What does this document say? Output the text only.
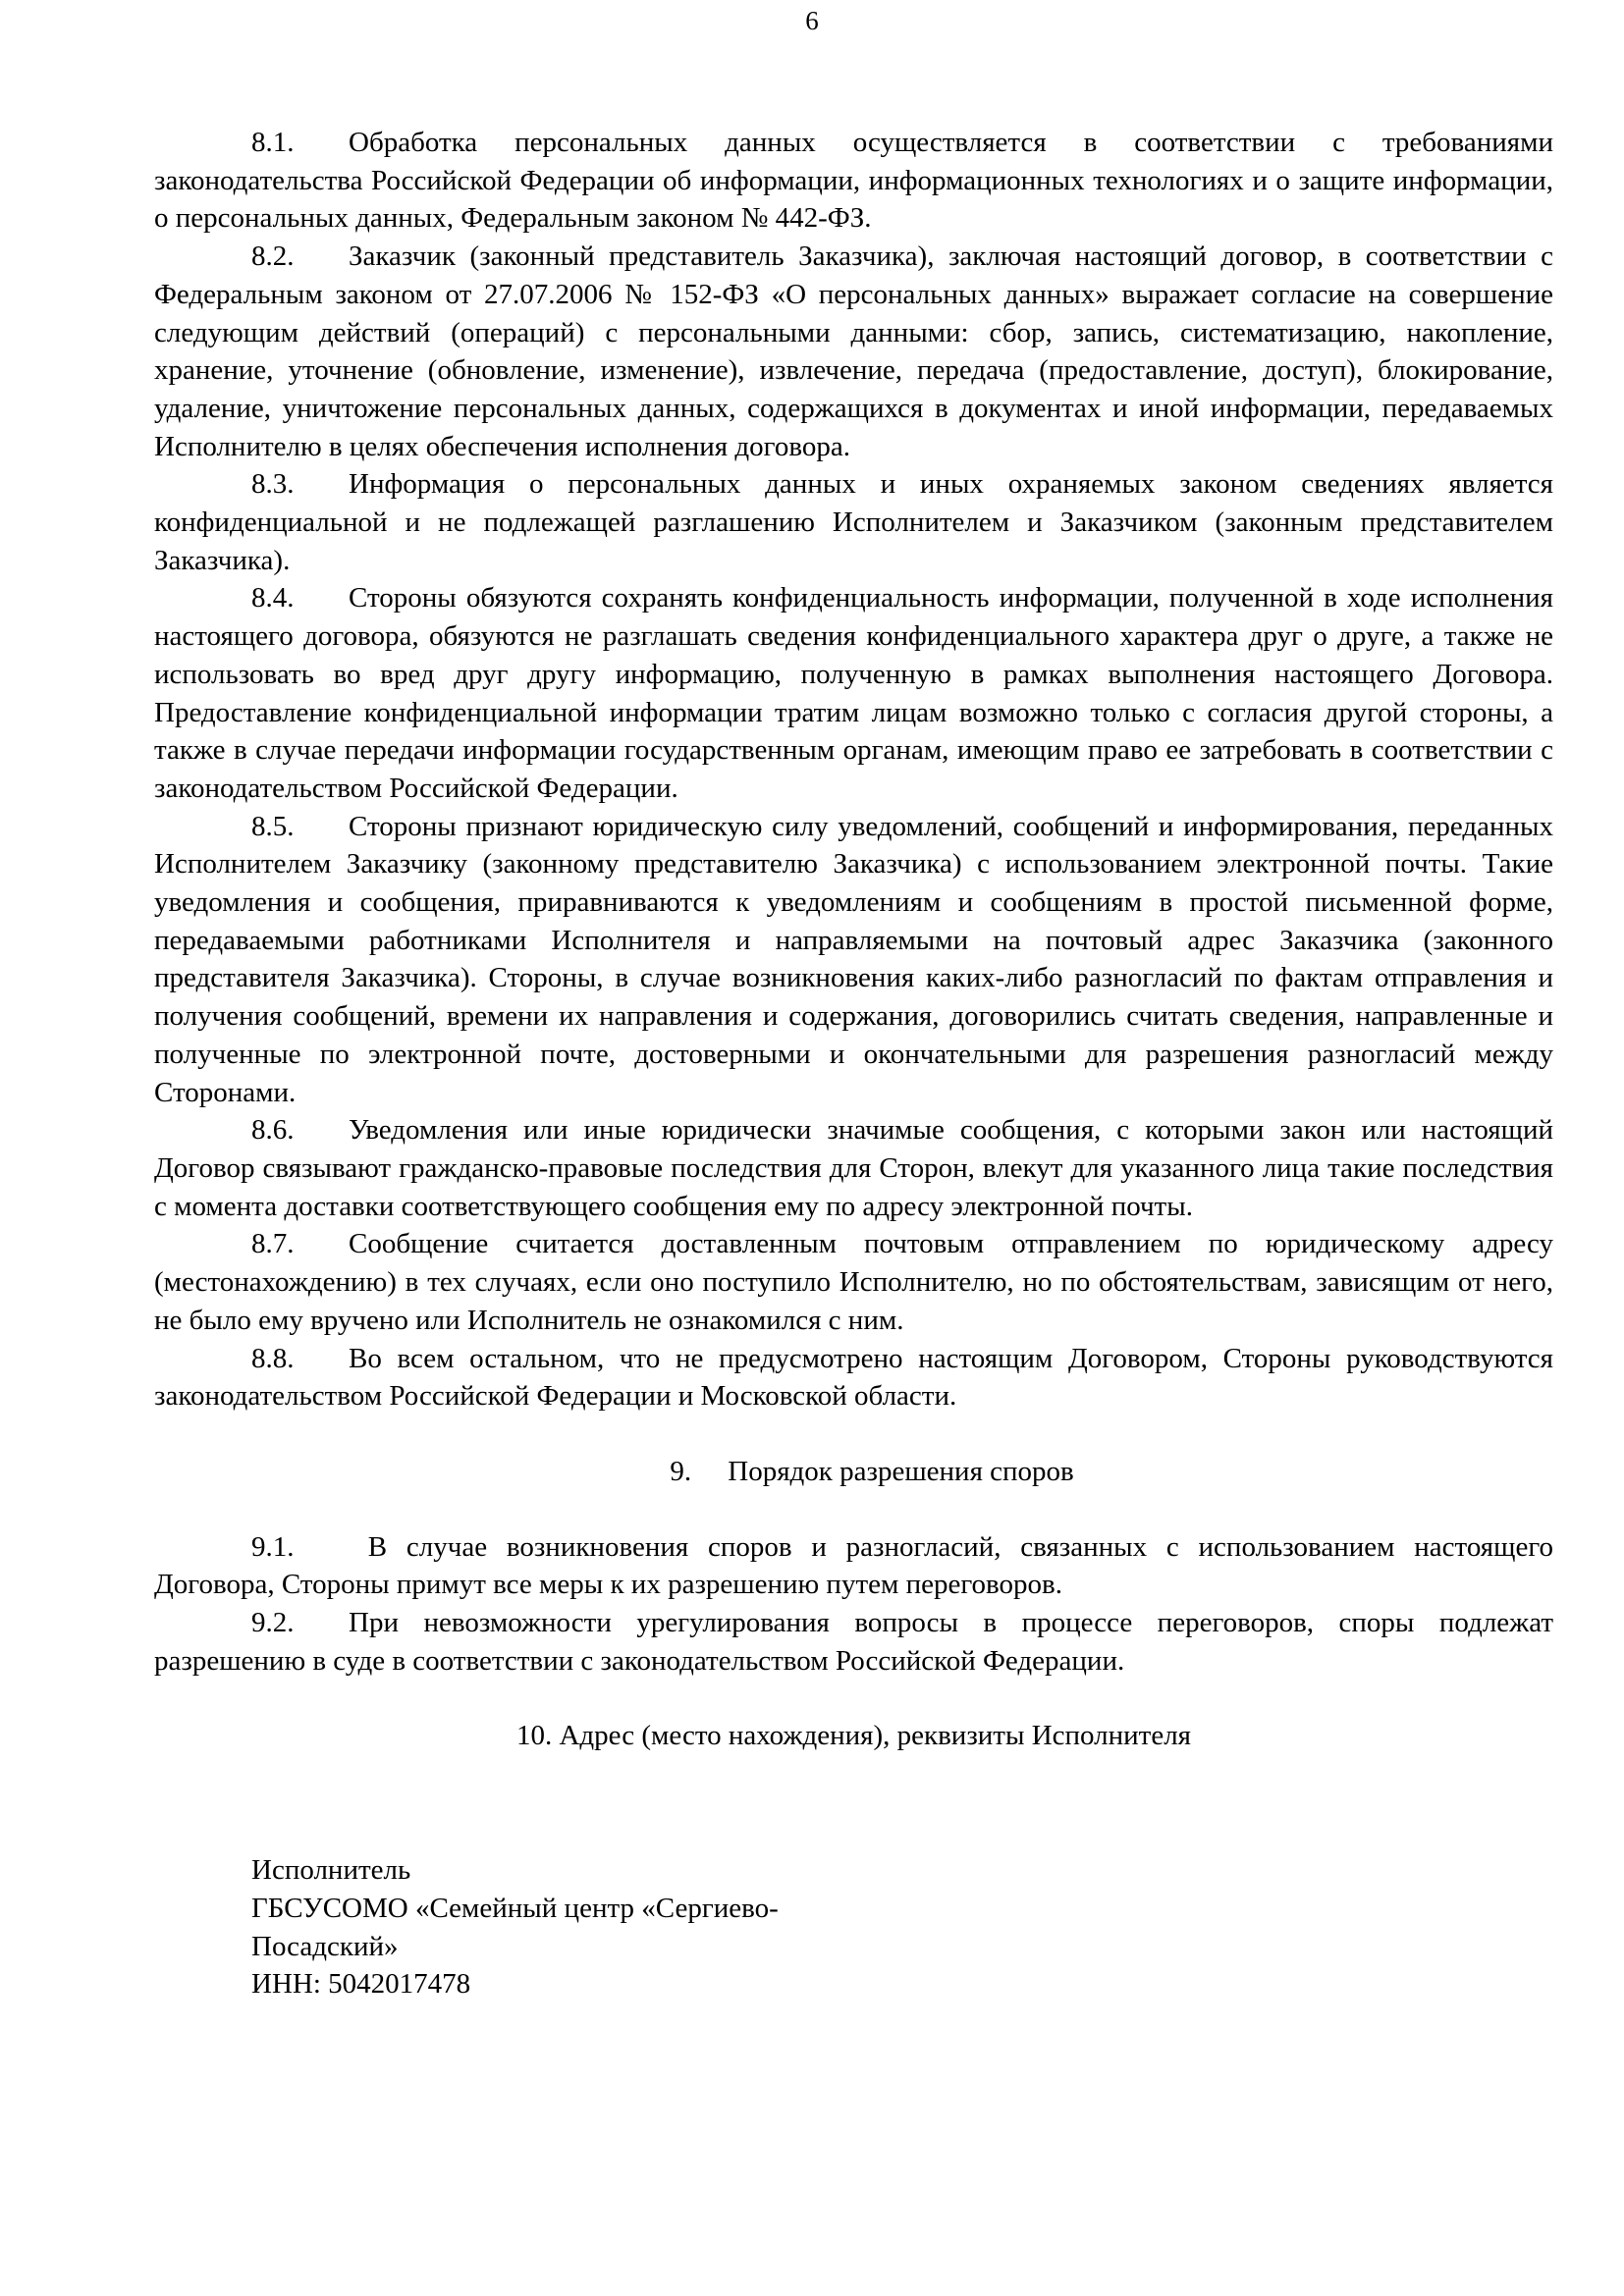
6

8.1. Обработка персональных данных осуществляется в соответствии с требованиями законодательства Российской Федерации об информации, информационных технологиях и о защите информации, о персональных данных, Федеральным законом № 442-ФЗ.

8.2. Заказчик (законный представитель Заказчика), заключая настоящий договор, в соответствии с Федеральным законом от 27.07.2006 № 152-ФЗ «О персональных данных» выражает согласие на совершение следующим действий (операций) с персональными данными: сбор, запись, систематизацию, накопление, хранение, уточнение (обновление, изменение), извлечение, передача (предоставление, доступ), блокирование, удаление, уничтожение персональных данных, содержащихся в документах и иной информации, передаваемых Исполнителю в целях обеспечения исполнения договора.

8.3. Информация о персональных данных и иных охраняемых законом сведениях является конфиденциальной и не подлежащей разглашению Исполнителем и Заказчиком (законным представителем Заказчика).

8.4. Стороны обязуются сохранять конфиденциальность информации, полученной в ходе исполнения настоящего договора, обязуются не разглашать сведения конфиденциального характера друг о друге, а также не использовать во вред друг другу информацию, полученную в рамках выполнения настоящего Договора. Предоставление конфиденциальной информации тратим лицам возможно только с согласия другой стороны, а также в случае передачи информации государственным органам, имеющим право ее затребовать в соответствии с законодательством Российской Федерации.

8.5. Стороны признают юридическую силу уведомлений, сообщений и информирования, переданных Исполнителем Заказчику (законному представителю Заказчика) с использованием электронной почты. Такие уведомления и сообщения, приравниваются к уведомлениям и сообщениям в простой письменной форме, передаваемыми работниками Исполнителя и направляемыми на почтовый адрес Заказчика (законного представителя Заказчика). Стороны, в случае возникновения каких-либо разногласий по фактам отправления и получения сообщений, времени их направления и содержания, договорились считать сведения, направленные и полученные по электронной почте, достоверными и окончательными для разрешения разногласий между Сторонами.

8.6. Уведомления или иные юридически значимые сообщения, с которыми закон или настоящий Договор связывают гражданско-правовые последствия для Сторон, влекут для указанного лица такие последствия с момента доставки соответствующего сообщения ему по адресу электронной почты.

8.7. Сообщение считается доставленным почтовым отправлением по юридическому адресу (местонахождению) в тех случаях, если оно поступило Исполнителю, но по обстоятельствам, зависящим от него, не было ему вручено или Исполнитель не ознакомился с ним.

8.8. Во всем остальном, что не предусмотрено настоящим Договором, Стороны руководствуются законодательством Российской Федерации и Московской области.

9. Порядок разрешения споров

9.1. В случае возникновения споров и разногласий, связанных с использованием настоящего Договора, Стороны примут все меры к их разрешению путем переговоров.

9.2. При невозможности урегулирования вопросы в процессе переговоров, споры подлежат разрешению в суде в соответствии с законодательством Российской Федерации.

10. Адрес (место нахождения), реквизиты Исполнителя

Исполнитель
ГБСУСОМО «Семейный центр «Сергиево-
Посадский»
ИНН: 5042017478
